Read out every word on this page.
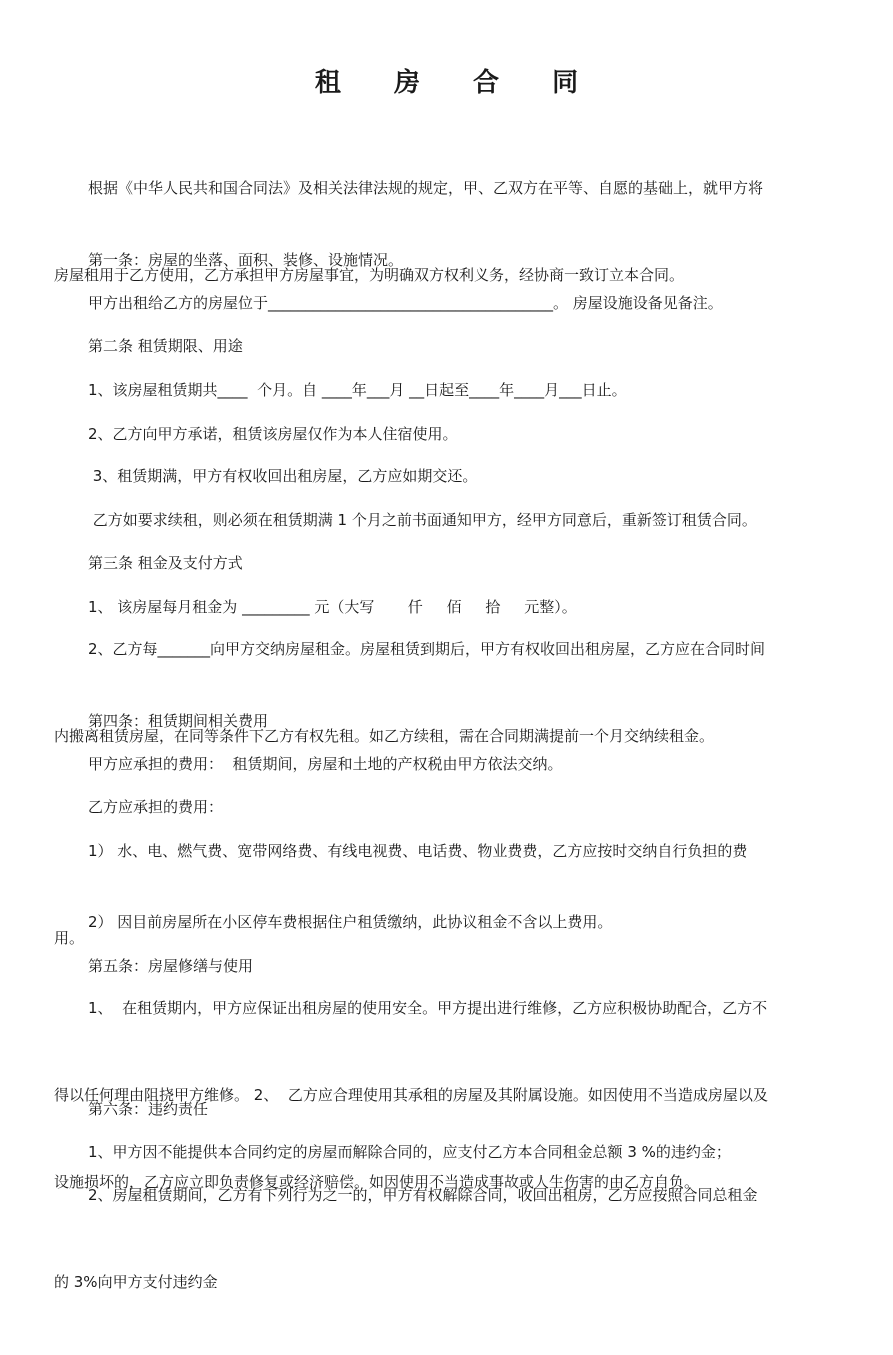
租 房 合 同

根据《中华人民共和国合同法》及相关法律法规的规定，甲、乙双方在平等、自愿的基础上，就甲方将

房屋租用于乙方使用，乙方承担甲方房屋事宜，为明确双方权利义务，经协商一致订立本合同。

第一条：房屋的坐落、面积、装修、设施情况。

甲方出租给乙方的房屋位于______________________________________。 房屋设施设备见备注。

第二条 租赁期限、用途

1、该房屋租赁期共____  个月。自 ____年___月 __日起至____年____月___日止。

2、乙方向甲方承诺，租赁该房屋仅作为本人住宿使用。

3、租赁期满，甲方有权收回出租房屋，乙方应如期交还。

乙方如要求续租，则必须在租赁期满 1 个月之前书面通知甲方，经甲方同意后，重新签订租赁合同。

第三条 租金及支付方式

1、 该房屋每月租金为 _________ 元（大写       仟     佰     拾     元整）。

2、乙方每_______向甲方交纳房屋租金。房屋租赁到期后，甲方有权收回出租房屋，乙方应在合同时间

内搬离租赁房屋，在同等条件下乙方有权先租。如乙方续租，需在合同期满提前一个月交纳续租金。

第四条：租赁期间相关费用

甲方应承担的费用：  租赁期间，房屋和土地的产权税由甲方依法交纳。

乙方应承担的费用：

1） 水、电、燃气费、宽带网络费、有线电视费、电话费、物业费费，乙方应按时交纳自行负担的费

用。

2） 因目前房屋所在小区停车费根据住户租赁缴纳，此协议租金不含以上费用。

第五条：房屋修缮与使用

1、  在租赁期内，甲方应保证出租房屋的使用安全。甲方提出进行维修，乙方应积极协助配合，乙方不

得以任何理由阻挠甲方维修。 2、  乙方应合理使用其承租的房屋及其附属设施。如因使用不当造成房屋以及

设施损坏的，乙方应立即负责修复或经济赔偿。如因使用不当造成事故或人生伤害的由乙方自负。

第六条：违约责任

1、甲方因不能提供本合同约定的房屋而解除合同的，应支付乙方本合同租金总额 3 %的违约金；

2、房屋租赁期间，乙方有下列行为之一的，甲方有权解除合同，收回出租房，乙方应按照合同总租金

的 3%向甲方支付违约金
